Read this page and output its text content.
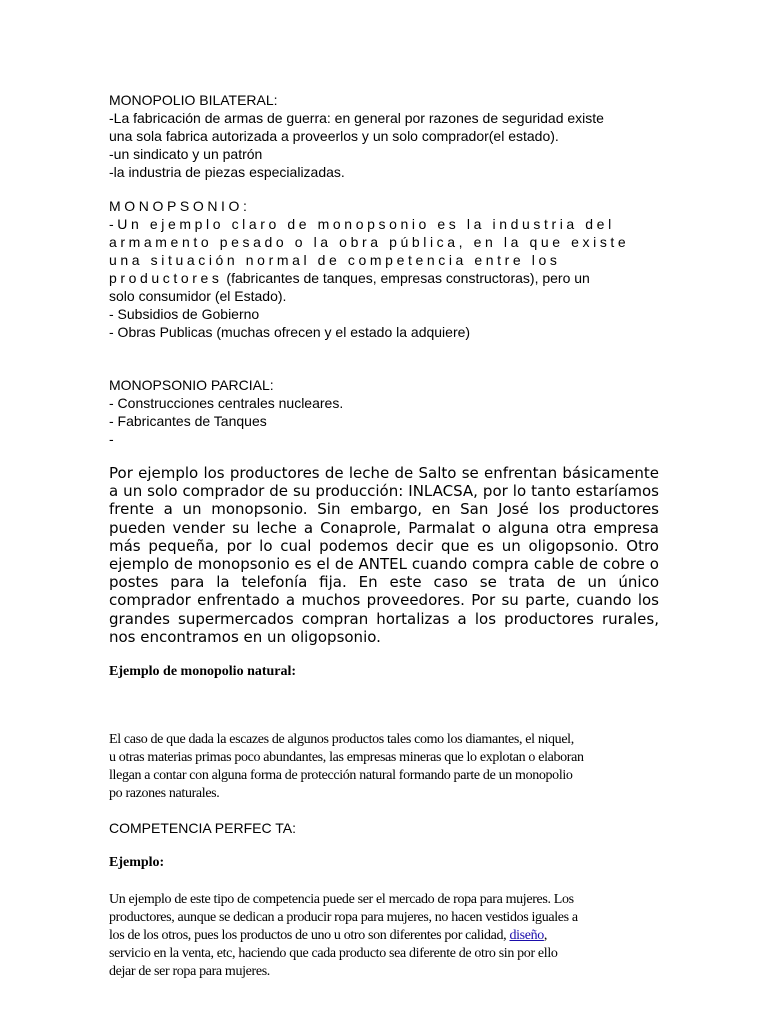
MONOPOLIO BILATERAL:
-La fabricación de armas de guerra: en general por razones de seguridad existe
una sola fabrica autorizada a proveerlos y un solo comprador(el estado).
-un sindicato y un patrón
-la industria de piezas especializadas.
MONOPSONIO:
-Un ejemplo claro de monopsonio es la industria del
armamento pesado o la obra pública, en la que existe
una situación normal de competencia entre los
productores (fabricantes de tanques, empresas constructoras), pero un
solo consumidor (el Estado).
- Subsidios de Gobierno
- Obras Publicas (muchas ofrecen y el estado la adquiere)
MONOPSONIO PARCIAL:
- Construcciones centrales nucleares.
- Fabricantes de Tanques
-
Por ejemplo los productores de leche de Salto se enfrentan básicamente a un solo comprador de su producción: INLACSA, por lo tanto estaríamos frente a un monopsonio. Sin embargo, en San José los productores pueden vender su leche a Conaprole, Parmalat o alguna otra empresa más pequeña, por lo cual podemos decir que es un oligopsonio. Otro ejemplo de monopsonio es el de ANTEL cuando compra cable de cobre o postes para la telefonía fija. En este caso se trata de un único comprador enfrentado a muchos proveedores. Por su parte, cuando los grandes supermercados compran hortalizas a los productores rurales, nos encontramos en un oligopsonio.
Ejemplo de monopolio natural:
El caso de que dada la escazes de algunos productos tales como los diamantes, el niquel,
u otras materias primas poco abundantes, las empresas mineras que lo explotan o elaboran
llegan a contar con alguna forma de protección natural formando parte de un monopolio
po razones naturales.
COMPETENCIA PERFEC TA:
Ejemplo:
Un ejemplo de este tipo de competencia puede ser el mercado de ropa para mujeres. Los
productores, aunque se dedican a producir ropa para mujeres, no hacen vestidos iguales a
los de los otros, pues los productos de uno u otro son diferentes por calidad, diseño,
servicio en la venta, etc, haciendo que cada producto sea diferente de otro sin por ello
dejar de ser ropa para mujeres.
